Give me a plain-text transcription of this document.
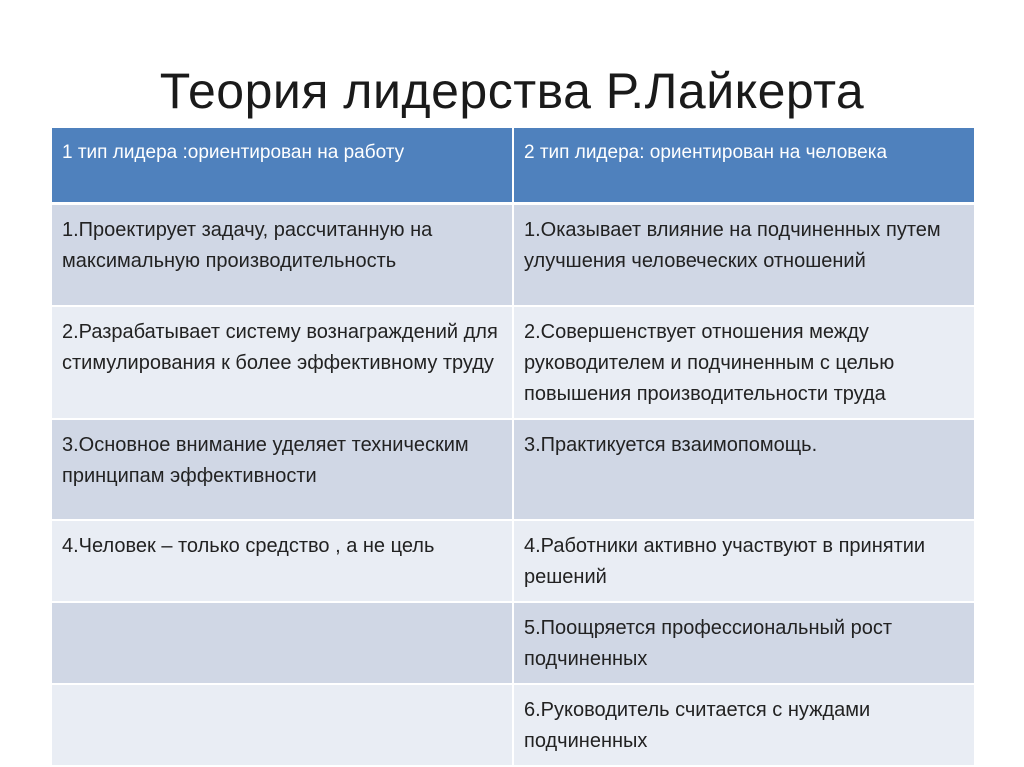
Теория лидерства Р.Лайкерта
1 тип лидера :ориентирован на работу	2 тип лидера: ориентирован на человека
1.Проектирует задачу, рассчитанную на максимальную производительность	1.Оказывает влияние на подчиненных путем улучшения человеческих отношений
2.Разрабатывает систему вознаграждений для стимулирования к более эффективному труду	2.Совершенствует отношения между руководителем и подчиненным с целью повышения производительности труда
3.Основное внимание уделяет техническим принципам эффективности	3.Практикуется взаимопомощь.
4.Человек – только средство , а не цель	4.Работники активно участвуют в принятии решений
	5.Поощряется профессиональный рост подчиненных
	6.Руководитель считается с нуждами подчиненных
